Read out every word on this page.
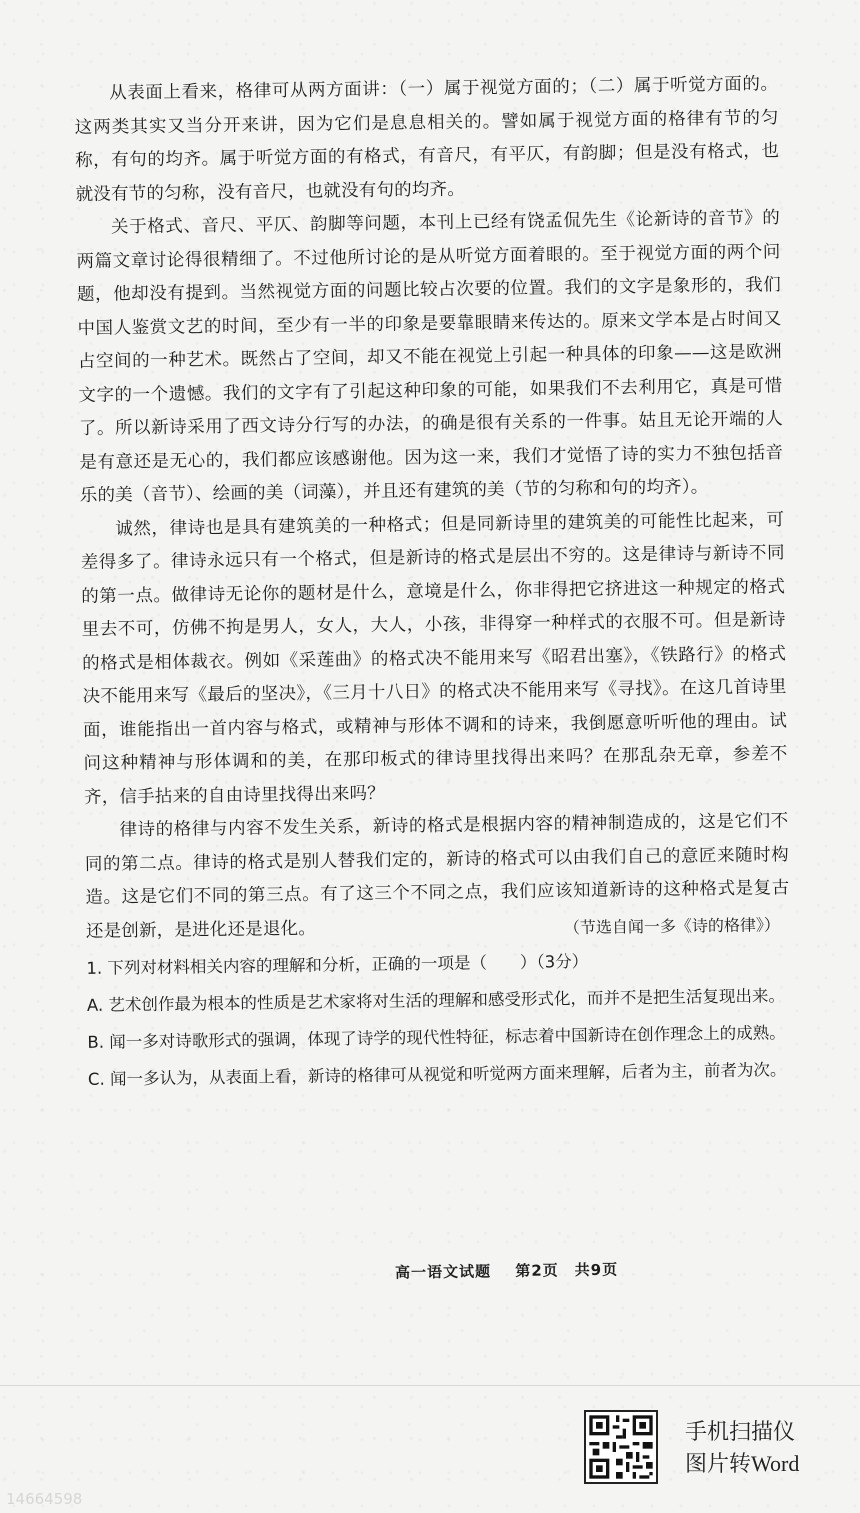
从表面上看来，格律可从两方面讲：（一）属于视觉方面的；（二）属于听觉方面的。这两类其实又当分开来讲，因为它们是息息相关的。譬如属于视觉方面的格律有节的匀称，有句的均齐。属于听觉方面的有格式，有音尺，有平仄，有韵脚；但是没有格式，也就没有节的匀称，没有音尺，也就没有句的均齐。

关于格式、音尺、平仄、韵脚等问题，本刊上已经有饶孟侃先生《论新诗的音节》的两篇文章讨论得很精细了。不过他所讨论的是从听觉方面着眼的。至于视觉方面的两个问题，他却没有提到。当然视觉方面的问题比较占次要的位置。我们的文字是象形的，我们中国人鉴赏文艺的时间，至少有一半的印象是要靠眼睛来传达的。原来文学本是占时间又占空间的一种艺术。既然占了空间，却又不能在视觉上引起一种具体的印象——这是欧洲文字的一个遗憾。我们的文字有了引起这种印象的可能，如果我们不去利用它，真是可惜了。所以新诗采用了西文诗分行写的办法，的确是很有关系的一件事。姑且无论开端的人是有意还是无心的，我们都应该感谢他。因为这一来，我们才觉悟了诗的实力不独包括音乐的美（音节）、绘画的美（词藻），并且还有建筑的美（节的匀称和句的均齐）。

诚然，律诗也是具有建筑美的一种格式；但是同新诗里的建筑美的可能性比起来，可差得多了。律诗永远只有一个格式，但是新诗的格式是层出不穷的。这是律诗与新诗不同的第一点。做律诗无论你的题材是什么，意境是什么，你非得把它挤进这一种规定的格式里去不可，仿佛不拘是男人，女人，大人，小孩，非得穿一种样式的衣服不可。但是新诗的格式是相体裁衣。例如《采莲曲》的格式决不能用来写《昭君出塞》，《铁路行》的格式决不能用来写《最后的坚决》，《三月十八日》的格式决不能用来写《寻找》。在这几首诗里面，谁能指出一首内容与格式，或精神与形体不调和的诗来，我倒愿意听听他的理由。试问这种精神与形体调和的美，在那印板式的律诗里找得出来吗？在那乱杂无章，参差不齐，信手拈来的自由诗里找得出来吗？

律诗的格律与内容不发生关系，新诗的格式是根据内容的精神制造成的，这是它们不同的第二点。律诗的格式是别人替我们定的，新诗的格式可以由我们自己的意匠来随时构造。这是它们不同的第三点。有了这三个不同之点，我们应该知道新诗的这种格式是复古还是创新，是进化还是退化。	（节选自闻一多《诗的格律》）

1. 下列对材料相关内容的理解和分析，正确的一项是（　　）（3分）

A. 艺术创作最为根本的性质是艺术家将对生活的理解和感受形式化，而并不是把生活复现出来。

B. 闻一多对诗歌形式的强调，体现了诗学的现代性特征，标志着中国新诗在创作理念上的成熟。

C. 闻一多认为，从表面上看，新诗的格律可从视觉和听觉两方面来理解，后者为主，前者为次。

高一语文试题 第2页　共9页
手机扫描仪
图片转Word
14664598
